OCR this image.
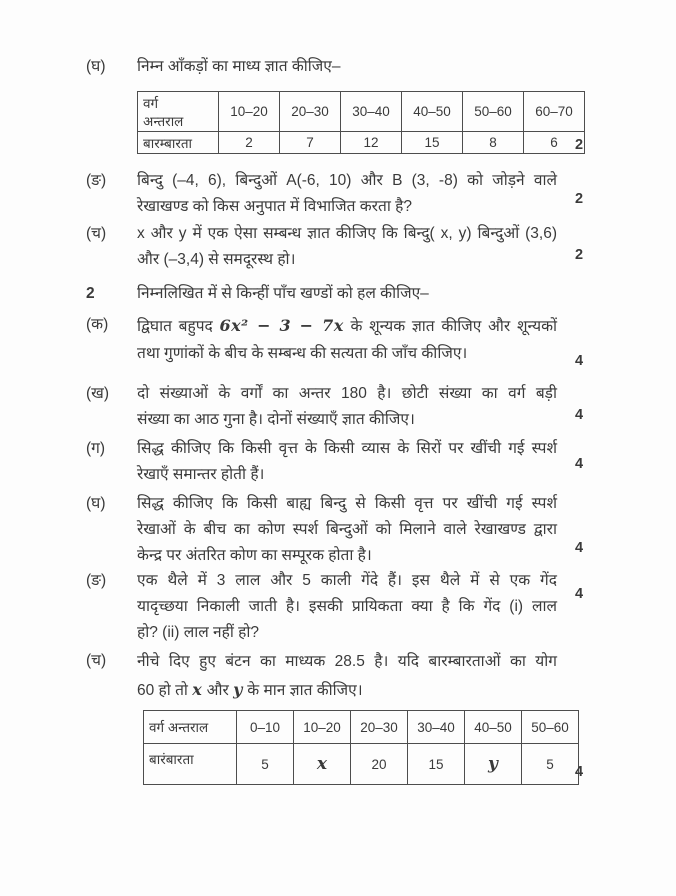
(घ)	निम्न आँकड़ों का माध्य ज्ञात कीजिए–
वर्ग
अन्तराल	10–20	20–30	30–40	40–50	50–60	60–70
बारम्बारता	2	7	12	15	8	6 2
(ङ)	बिन्दु (–4, 6), बिन्दुओं A(-6, 10) और B (3, -8) को जोड़ने वाले
रेखाखण्ड को किस अनुपात में विभाजित करता है?	2
(च)	x और y में एक ऐसा सम्बन्ध ज्ञात कीजिए कि बिन्दु( x, y) बिन्दुओं (3,6)
और (–3,4) से समदूरस्थ हो।	2
2	निम्नलिखित में से किन्हीं पाँच खण्डों को हल कीजिए–
(क)	द्विघात बहुपद 6x² − 3 − 7x के शून्यक ज्ञात कीजिए और शून्यकों
तथा गुणांकों के बीच के सम्बन्ध की सत्यता की जाँच कीजिए।	4
(ख)	दो संख्याओं के वर्गों का अन्तर 180 है। छोटी संख्या का वर्ग बड़ी
संख्या का आठ गुना है। दोनों संख्याएँ ज्ञात कीजिए।	4
(ग)	सिद्ध कीजिए कि किसी वृत्त के किसी व्यास के सिरों पर खींची गई स्पर्श
रेखाएँ समान्तर होती हैं।
4
(घ)	सिद्ध कीजिए कि किसी बाह्य बिन्दु से किसी वृत्त पर खींची गई स्पर्श
रेखाओं के बीच का कोण स्पर्श बिन्दुओं को मिलाने वाले रेखाखण्ड द्वारा
केन्द्र पर अंतरित कोण का सम्पूरक होता है।	4
(ङ)	एक थैले में 3 लाल और 5 काली गेंदे हैं। इस थैले में से एक गेंद
यादृच्छया निकाली जाती है। इसकी प्रायिकता क्या है कि गेंद (i) लाल
हो? (ii) लाल नहीं हो?
4
(च)	नीचे दिए हुए बंटन का माध्यक 28.5 है। यदि बारम्बारताओं का योग
60 हो तो x और y के मान ज्ञात कीजिए।
वर्ग अन्तराल	0–10	10–20	20–30	30–40	40–50	50–60
बारंबारता	5	x	20	15	y	5 4
